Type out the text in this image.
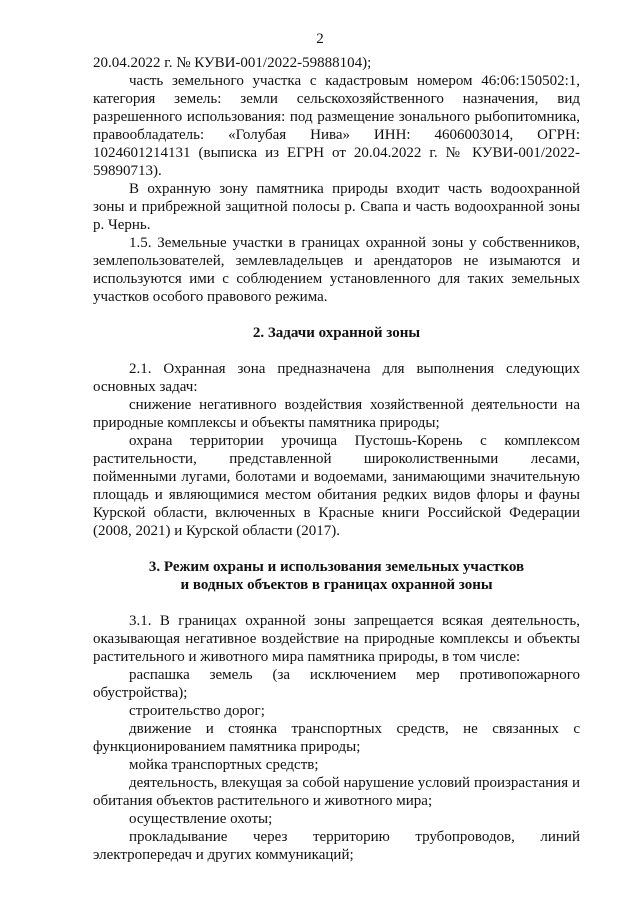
2

20.04.2022 г. № КУВИ-001/2022-59888104);

часть земельного участка с кадастровым номером 46:06:150502:1, категория земель: земли сельскохозяйственного назначения, вид разрешенного использования: под размещение зонального рыбопитомника, правообладатель: «Голубая Нива» ИНН: 4606003014, ОГРН: 1024601214131 (выписка из ЕГРН от 20.04.2022 г. № КУВИ-001/2022-59890713).

В охранную зону памятника природы входит часть водоохранной зоны и прибрежной защитной полосы р. Свапа и часть водоохранной зоны р. Чернь.

1.5. Земельные участки в границах охранной зоны у собственников, землепользователей, землевладельцев и арендаторов не изымаются и используются ими с соблюдением установленного для таких земельных участков особого правового режима.

2. Задачи охранной зоны

2.1. Охранная зона предназначена для выполнения следующих основных задач:

снижение негативного воздействия хозяйственной деятельности на природные комплексы и объекты памятника природы;

охрана территории урочища Пустошь-Корень с комплексом растительности, представленной широколиственными лесами, пойменными лугами, болотами и водоемами, занимающими значительную площадь и являющимися местом обитания редких видов флоры и фауны Курской области, включенных в Красные книги Российской Федерации (2008, 2021) и Курской области (2017).

3. Режим охраны и использования земельных участков

и водных объектов в границах охранной зоны

3.1. В границах охранной зоны запрещается всякая деятельность, оказывающая негативное воздействие на природные комплексы и объекты растительного и животного мира памятника природы, в том числе:

распашка земель (за исключением мер противопожарного обустройства);

строительство дорог;

движение и стоянка транспортных средств, не связанных с функционированием памятника природы;

мойка транспортных средств;

деятельность, влекущая за собой нарушение условий произрастания и обитания объектов растительного и животного мира;

осуществление охоты;

прокладывание через территорию трубопроводов, линий электропередач и других коммуникаций;
